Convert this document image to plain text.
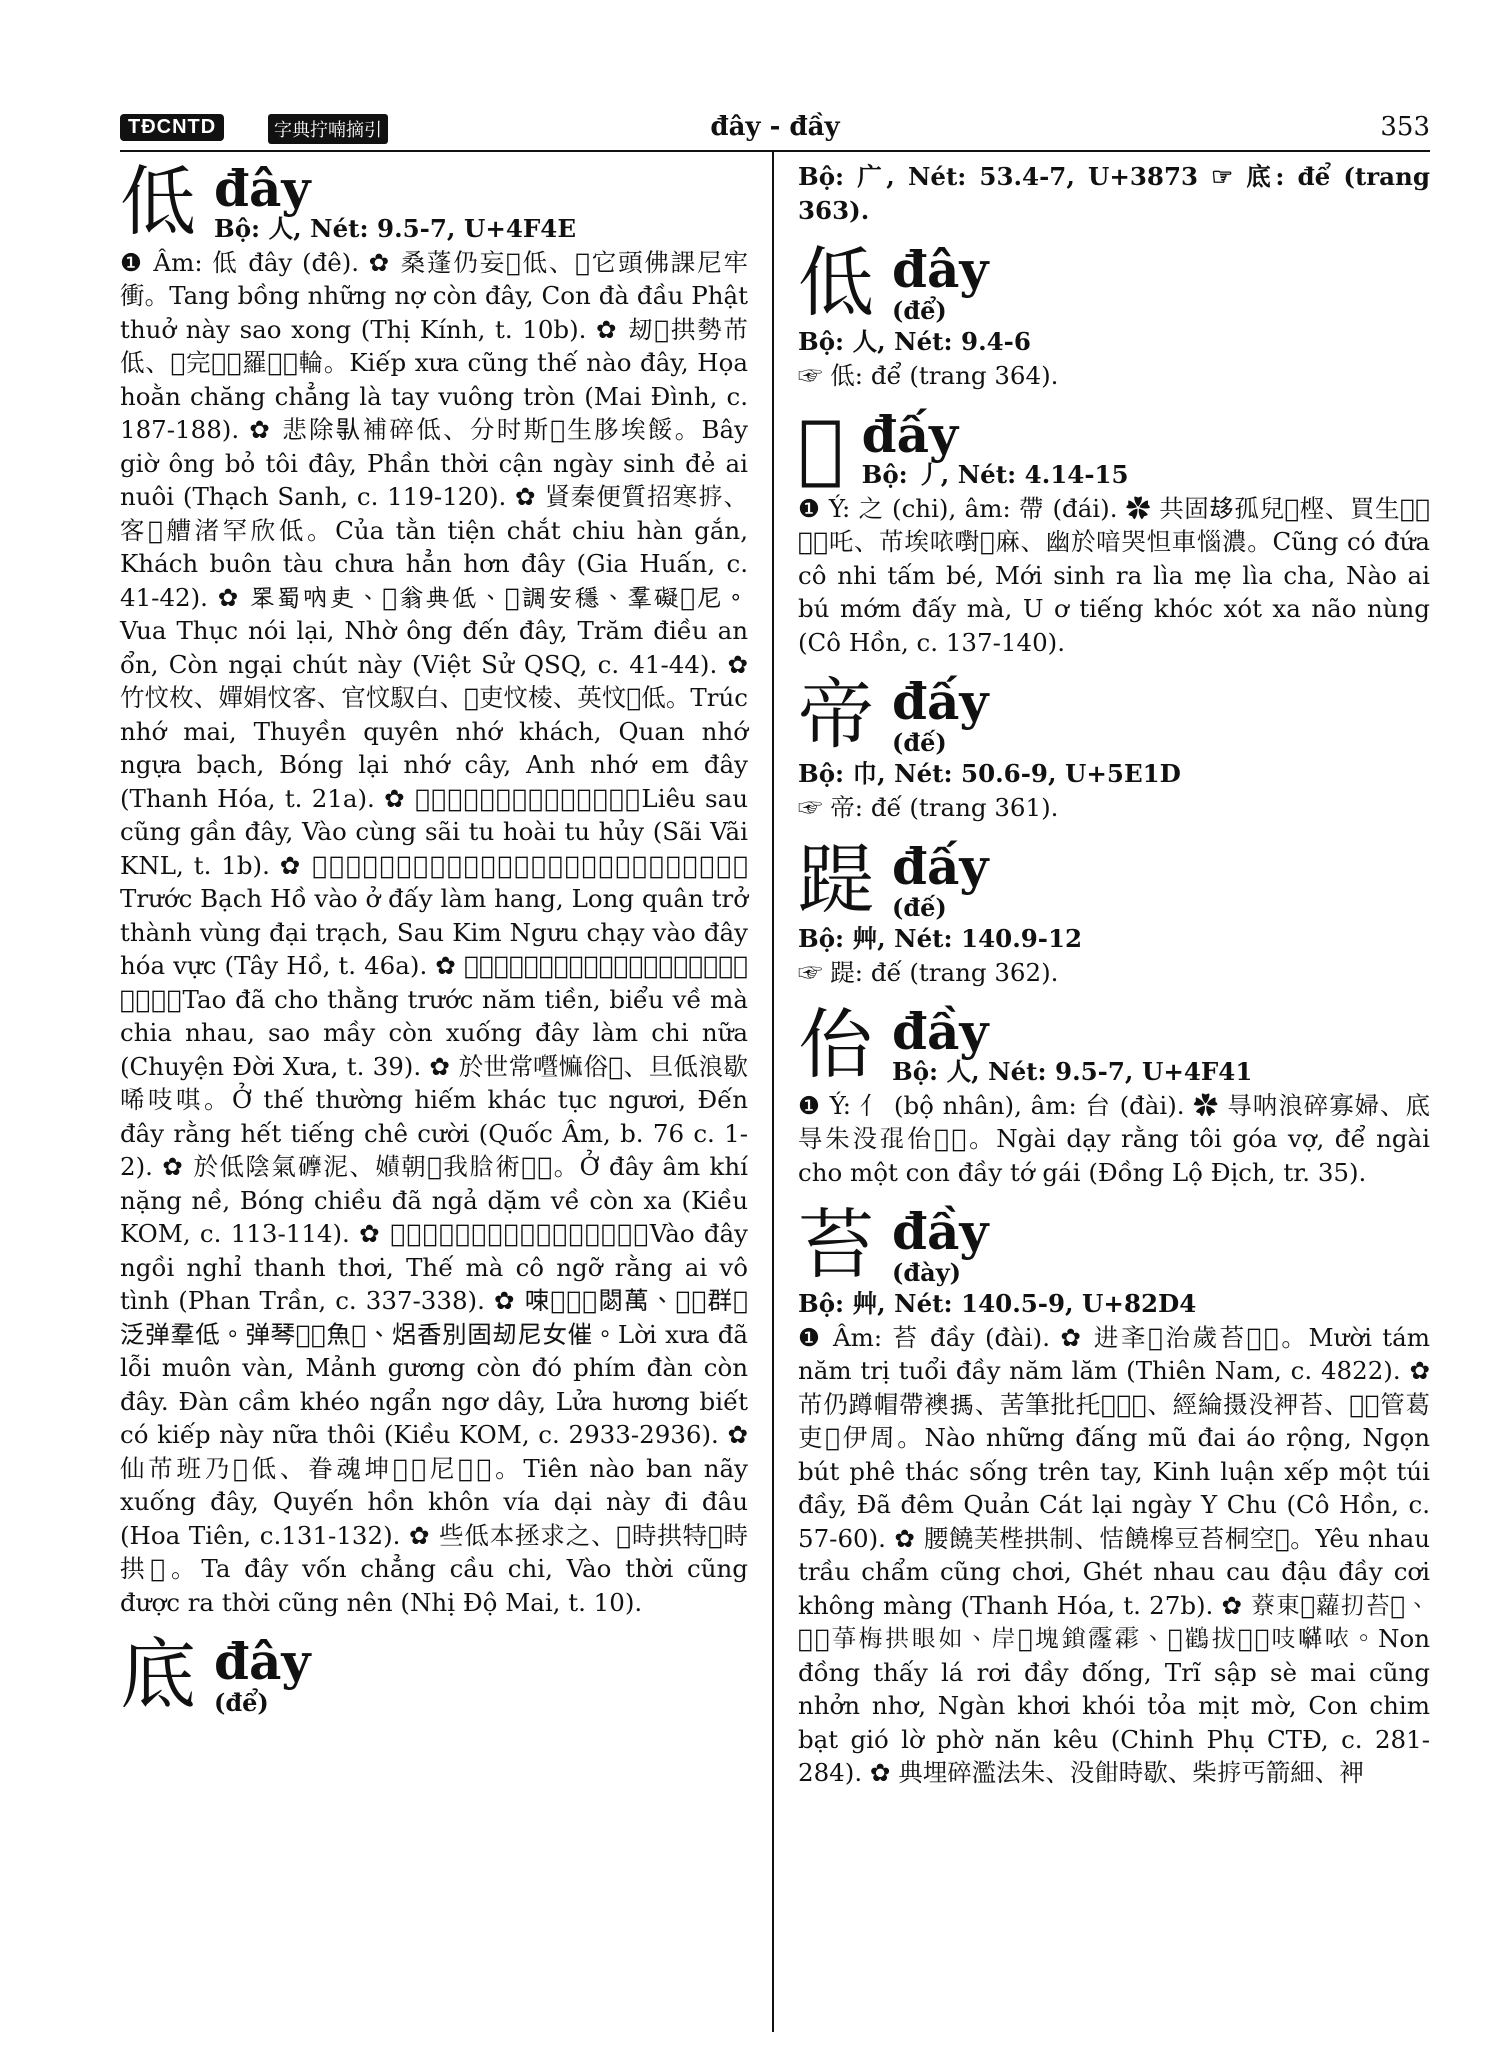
TĐCNTD	字典拧喃摘引	đây - đầy	353
低 đây
Bộ: 人, Nét: 9.5-7, U+4F4E

❶ Âm: 低 đây (đê). ✿ 桑蓬仍妄𡗋低、𫢋它頭佛課尼牢衝。Tang bồng những nợ còn đây, Con đà đầu Phật thuở này sao xong (Thị Kính, t. 10b). ✿ 刼𣋚拱勢芇低、𡗐完𡎢𢴑羅𢬣𢂎輪。Kiếp xưa cũng thế nào đây, Họa hoằn chăng chẳng là tay vuông tròn (Mai Đình, c. 187-188). ✿ 悲除𠊛補碎低、分时斯𡳵生䏧埃餒。Bây giờ ông bỏ tôi đây, Phần thời cận ngày sinh đẻ ai nuôi (Thạch Sanh, c. 119-120). ✿ 䝨秦便質招寒𢭸、客𢹣艚渚罕欣低。Của tằn tiện chắt chiu hàn gắn, Khách buôn tàu chưa hẳn hơn đây (Gia Huấn, c. 41-42). ✿ 𦊚蜀呐吏、𢜝翁典低、𥹰調安穩、羣礙𠃣尼。Vua Thục nói lại, Nhờ ông đến đây, Trăm điều an ổn, Còn ngại chút này (Việt Sử QSQ, c. 41-44). ✿ 竹忟枚、嬋娟忟客、官忟馭白、𣛤吏忟棱、英忟𡛔低。Trúc nhớ mai, Thuyền quyên nhớ khách, Quan nhớ ngựa bạch, Bóng lại nhớ cây, Anh nhớ em đây (Thanh Hóa, t. 21a). ✿ 𢚸娄拱䜹低、𠓨共咜修𢭸修毁。Liêu sau cũng gần đây, Vào cùng sãi tu hoài tu hủy (Sãi Vãi KNL, t. 1b). ✿ 𩯀白狐𠓨於帝𠃅𥧸、龍君𢯏城𨔍大澤、䡢金牛趚𠓨低化域。Trước Bạch Hồ vào ở đấy làm hang, Long quân trở thành vùng đại trạch, Sau Kim Ngưu chạy vào đây hóa vực (Tây Hồ, t. 46a). ✿ 𢧲𠀲朱尚𦋦𩈘錢、表衛麻𢺹饒、牢眉群𨖲低濫之女。Tao đã cho thằng trước năm tiền, biểu về mà chia nhau, sao mầy còn xuống đây làm chi nữa (Chuyện Đời Xưa, t. 39). ✿ 於世常𡃢𢠩俗𤳇、旦低浪歇唏吱唭。Ở thế thường hiếm khác tục ngươi, Đến đây rằng hết tiếng chê cười (Quốc Âm, b. 76 c. 1-2). ✿ 於低陰氣𥗂泥、𡢻朝𠀲我𦛜術𡱩𨀈。Ở đây âm khí nặng nề, Bóng chiều đã ngả dặm về còn xa (Kiều KOM, c. 113-114). ✿ 𠓨低𡎢𢠩清台、𠄼麻姑語浪埃無情。Vào đây ngồi nghỉ thanh thơi, Thế mà cô ngỡ rằng ai vô tình (Phan Trần, c. 337-338). ✿ 𠲿𣋚𠀲𡓮閟萬、𤿤𩈘群𡛔泛弹羣低。弹琴𡐙𦼔魚𦀺、焒香別固刼尼女催。Lời xưa đã lỗi muôn vàn, Mảnh gương còn đó phím đàn còn đây. Đàn cầm khéo ngẩn ngơ dây, Lửa hương biết có kiếp này nữa thôi (Kiều KOM, c. 2933-2936). ✿ 仙芇班乃𨖲低、眷魂坤𩲡𢘾尼𪠞𢆥。Tiên nào ban nãy xuống đây, Quyến hồn khôn vía dại này đi đâu (Hoa Tiên, c.131-132). ✿ 些低本拯求之、𠓨時拱特𠚢時拱𢧚。Ta đây vốn chẳng cầu chi, Vào thời cũng được ra thời cũng nên (Nhị Độ Mai, t. 10).

底 đây
(để)

Bộ: 广, Nét: 53.4-7, U+3873 ☞ 底: để (trang 363).

低 đây
(để)

Bộ: 人, Nét: 9.4-6

☞ 低: để (trang 364).

𢭮 đấy
Bộ: 丿, Nét: 4.14-15

❶ Ý: 之 (chi), âm: 帶 (đái). ✿ 共固𠫾孤兒𢚸㭴、買生𦋦𡢐𡚦𡢐吒、芇埃𠲖嚉𢭮麻、幽於喑哭怛車惱濃。Cũng có đứa cô nhi tấm bé, Mới sinh ra lìa mẹ lìa cha, Nào ai bú mớm đấy mà, U ơ tiếng khóc xót xa não nùng (Cô Hồn, c. 137-140).

帝 đấy
(đế)

Bộ: 巾, Nét: 50.6-9, U+5E1D

☞ 帝: đế (trang 361).

踶 đấy
(đế)

Bộ: 艸, Nét: 140.9-12

☞ 踶: đế (trang 362).

佁 đầy
Bộ: 人, Nét: 9.5-7, U+4F41

❶ Ý: 亻 (bộ nhân), âm: 台 (đài). ✿ 㝵呐浪碎寡婦、底㝵朱没𡥵佁𠁑𡛔。Ngài dạy rằng tôi góa vợ, để ngài cho một con đầy tớ gái (Đồng Lộ Địch, tr. 35).

苔 đầy
(đày)

Bộ: 艸, Nét: 140.5-9, U+82D4

❶ Âm: 苔 đầy (đài). ✿ 进㪯𢆥治歲苔𩈘𥹰。Mười tám năm trị tuổi đầy năm lăm (Thiên Nam, c. 4822). ✿ 芇仍蹲帽帶襖𢲫、䒷筆批托𤯩𨖲𢬣、經綸摄没䘥苔、𠀲𣋁管葛吏𣈜伊周。Nào những đấng mũ đai áo rộng, Ngọn bút phê thác sống trên tay, Kinh luận xếp một túi đầy, Đã đêm Quản Cát lại ngày Y Chu (Cô Hồn, c. 57-60). ✿ 腰饒芙梐拱制、恄饒槔豆苔桐空𢚸。Yêu nhau trầu chẩm cũng chơi, Ghét nhau cau đậu đầy cơi không màng (Thanh Hóa, t. 27b). ✿ 𦼔東𧸝蘿㧅苔𡎥、𡗶𣋚𦱊梅拱眼如、岸𤁕塊鎖霳霦、𫢋䳽拔𢚸𠹾吱𡃈𠲖。Non đồng thấy lá rơi đầy đống, Trĩ sập sè mai cũng nhởn nhơ, Ngàn khơi khói tỏa mịt mờ, Con chim bạt gió lờ phờ năn kêu (Chinh Phụ CTĐ, c. 281-284). ✿ 典埋碎濫法朱、没𩚵時歇、柴𢭸丐箭細、䘥
